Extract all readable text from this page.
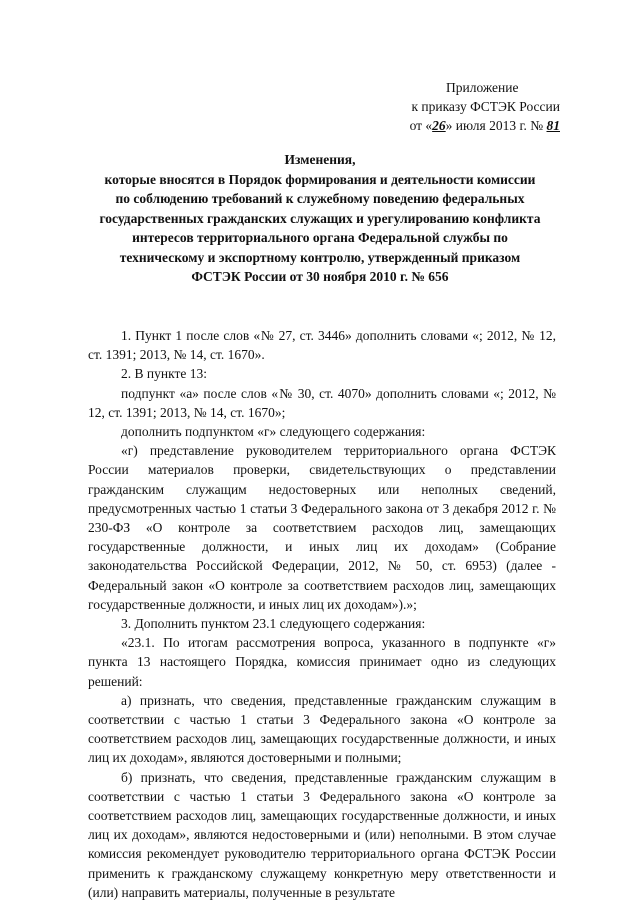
Приложение
к приказу ФСТЭК России
от «26» июля 2013 г. № 81
Изменения,
которые вносятся в Порядок формирования и деятельности комиссии
по соблюдению требований к служебному поведению федеральных
государственных гражданских служащих и урегулированию конфликта
интересов территориального органа Федеральной службы по
техническому и экспортному контролю, утвержденный приказом
ФСТЭК России от 30 ноября 2010 г. № 656

1. Пункт 1 после слов «№ 27, ст. 3446» дополнить словами «; 2012, № 12, ст. 1391; 2013, № 14, ст. 1670».

2. В пункте 13:

подпункт «а» после слов «№ 30, ст. 4070» дополнить словами «; 2012, № 12, ст. 1391; 2013, № 14, ст. 1670»;

дополнить подпунктом «г» следующего содержания:

«г) представление руководителем территориального органа ФСТЭК России материалов проверки, свидетельствующих о представлении гражданским служащим недостоверных или неполных сведений, предусмотренных частью 1 статьи 3 Федерального закона от 3 декабря 2012 г. № 230-ФЗ «О контроле за соответствием расходов лиц, замещающих государственные должности, и иных лиц их доходам» (Собрание законодательства Российской Федерации, 2012, № 50, ст. 6953) (далее - Федеральный закон «О контроле за соответствием расходов лиц, замещающих государственные должности, и иных лиц их доходам»).»;

3. Дополнить пунктом 23.1 следующего содержания:

«23.1. По итогам рассмотрения вопроса, указанного в подпункте «г» пункта 13 настоящего Порядка, комиссия принимает одно из следующих решений:

а) признать, что сведения, представленные гражданским служащим в соответствии с частью 1 статьи 3 Федерального закона «О контроле за соответствием расходов лиц, замещающих государственные должности, и иных лиц их доходам», являются достоверными и полными;

б) признать, что сведения, представленные гражданским служащим в соответствии с частью 1 статьи 3 Федерального закона «О контроле за соответствием расходов лиц, замещающих государственные должности, и иных лиц их доходам», являются недостоверными и (или) неполными. В этом случае комиссия рекомендует руководителю территориального органа ФСТЭК России применить к гражданскому служащему конкретную меру ответственности и (или) направить материалы, полученные в результате
